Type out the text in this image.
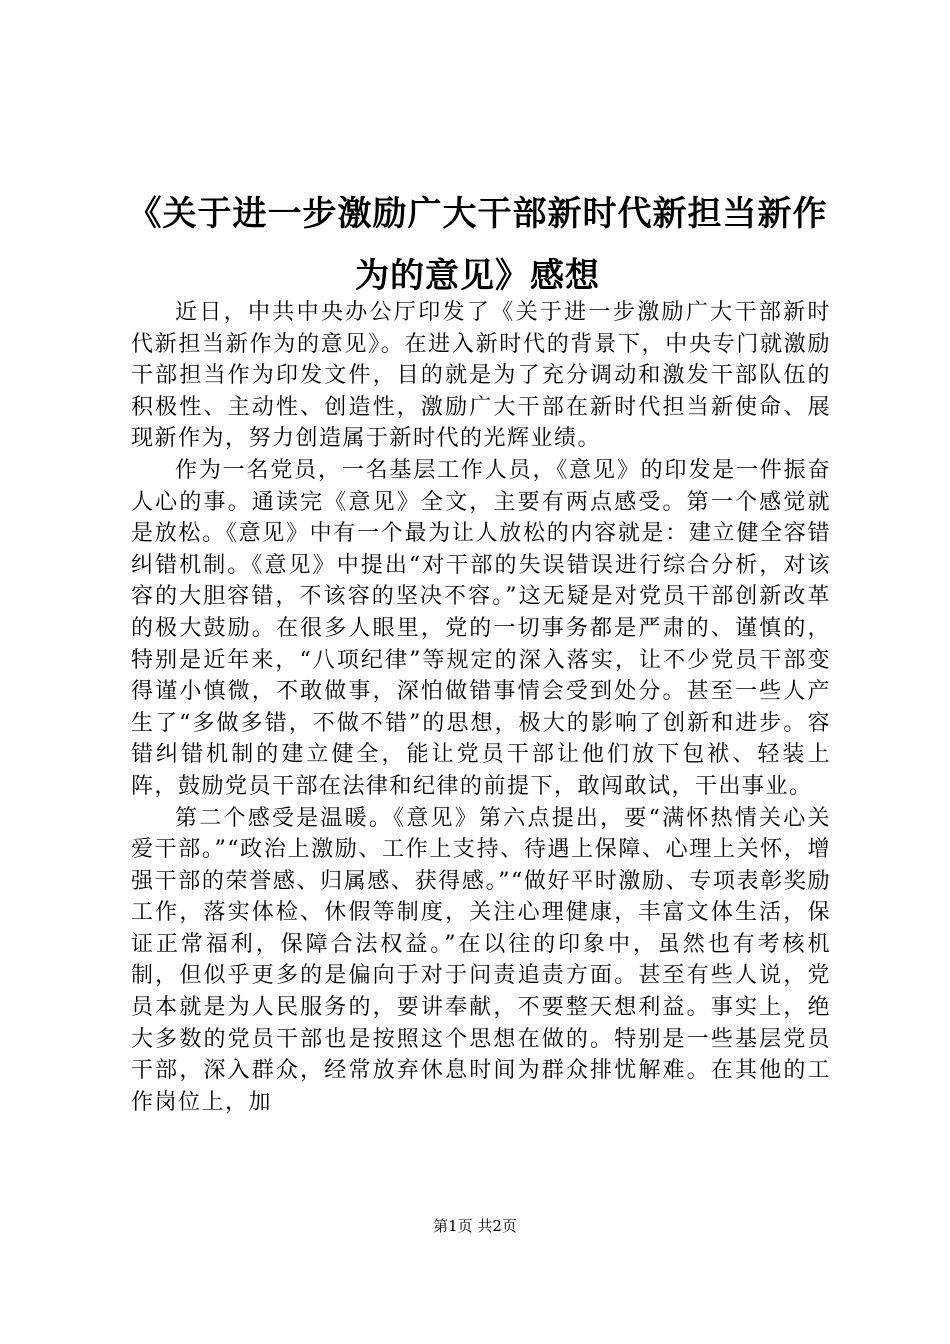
《关于进一步激励广大干部新时代新担当新作
为的意见》感想

近日，中共中央办公厅印发了《关于进一步激励广大干部新时代新担当新作为的意见》。在进入新时代的背景下，中央专门就激励干部担当作为印发文件，目的就是为了充分调动和激发干部队伍的积极性、主动性、创造性，激励广大干部在新时代担当新使命、展现新作为，努力创造属于新时代的光辉业绩。

作为一名党员，一名基层工作人员，《意见》的印发是一件振奋人心的事。通读完《意见》全文，主要有两点感受。第一个感觉就是放松。《意见》中有一个最为让人放松的内容就是：建立健全容错纠错机制。《意见》中提出“对干部的失误错误进行综合分析，对该容的大胆容错，不该容的坚决不容。”这无疑是对党员干部创新改革的极大鼓励。在很多人眼里，党的一切事务都是严肃的、谨慎的，特别是近年来，“八项纪律”等规定的深入落实，让不少党员干部变得谨小慎微，不敢做事，深怕做错事情会受到处分。甚至一些人产生了“多做多错，不做不错”的思想，极大的影响了创新和进步。容错纠错机制的建立健全，能让党员干部让他们放下包袱、轻装上阵，鼓励党员干部在法律和纪律的前提下，敢闯敢试，干出事业。

第二个感受是温暖。《意见》第六点提出，要“满怀热情关心关爱干部。”“政治上激励、工作上支持、待遇上保障、心理上关怀，增强干部的荣誉感、归属感、获得感。”“做好平时激励、专项表彰奖励工作，落实体检、休假等制度，关注心理健康，丰富文体生活，保证正常福利，保障合法权益。”在以往的印象中，虽然也有考核机制，但似乎更多的是偏向于对于问责追责方面。甚至有些人说，党员本就是为人民服务的，要讲奉献，不要整天想利益。事实上，绝大多数的党员干部也是按照这个思想在做的。特别是一些基层党员干部，深入群众，经常放弃休息时间为群众排忧解难。在其他的工作岗位上，加

第1页 共2页
